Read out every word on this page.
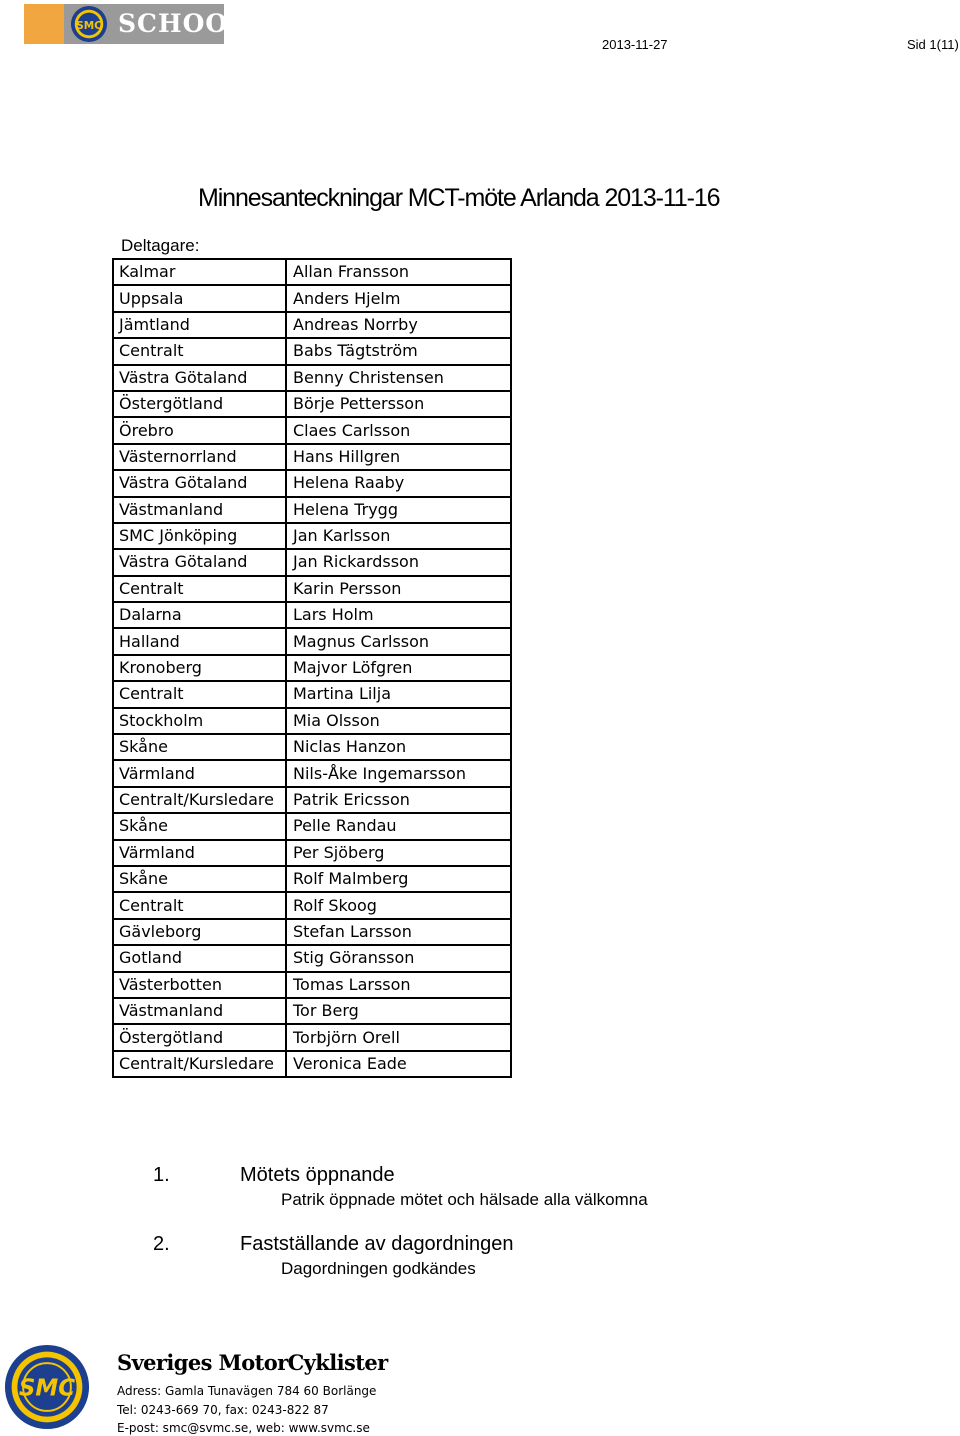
SMC SCHOOL
2013-11-27	Sid 1(11)
Minnesanteckningar MCT-möte Arlanda 2013-11-16
Deltagare:
Kalmar	Allan Fransson
Uppsala	Anders Hjelm
Jämtland	Andreas Norrby
Centralt	Babs Tägtström
Västra Götaland	Benny Christensen
Östergötland	Börje Pettersson
Örebro	Claes Carlsson
Västernorrland	Hans Hillgren
Västra Götaland	Helena Raaby
Västmanland	Helena Trygg
SMC Jönköping	Jan Karlsson
Västra Götaland	Jan Rickardsson
Centralt	Karin Persson
Dalarna	Lars Holm
Halland	Magnus Carlsson
Kronoberg	Majvor Löfgren
Centralt	Martina Lilja
Stockholm	Mia Olsson
Skåne	Niclas Hanzon
Värmland	Nils-Åke Ingemarsson
Centralt/Kursledare	Patrik Ericsson
Skåne	Pelle Randau
Värmland	Per Sjöberg
Skåne	Rolf Malmberg
Centralt	Rolf Skoog
Gävleborg	Stefan Larsson
Gotland	Stig Göransson
Västerbotten	Tomas Larsson
Västmanland	Tor Berg
Östergötland	Torbjörn Orell
Centralt/Kursledare	Veronica Eade
1.	Mötets öppnande
Patrik öppnade mötet och hälsade alla välkomna
2.	Fastställande av dagordningen
Dagordningen godkändes
SMC
Sveriges MotorCyklister
Adress: Gamla Tunavägen 784 60 Borlänge
Tel: 0243-669 70, fax: 0243-822 87
E-post: smc@svmc.se, web: www.svmc.se
